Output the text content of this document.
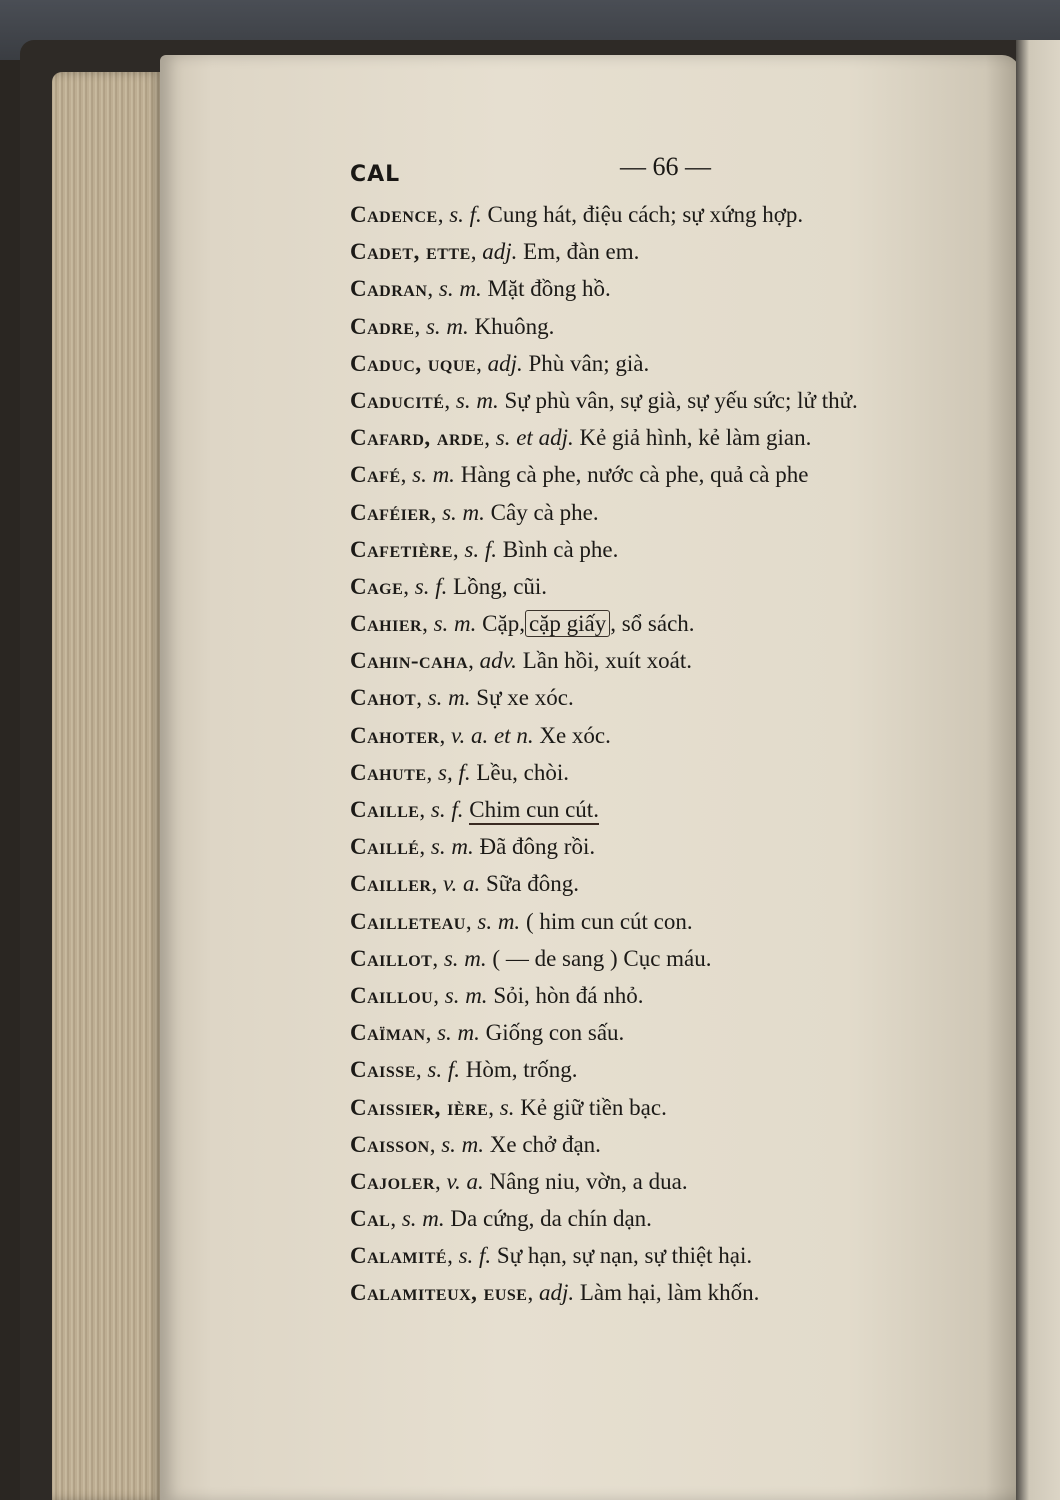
CAL	— 66 —
Cadence, s. f. Cung hát, điệu cách; sự xứng hợp.
Cadet, ette, adj. Em, đàn em.
Cadran, s. m. Mặt đồng hồ.
Cadre, s. m. Khuông.
Caduc, uque, adj. Phù vân; già.
Caducité, s. m. Sự phù vân, sự già, sự yếu sức; lử thử.
Cafard, arde, s. et adj. Kẻ giả hình, kẻ làm gian.
Café, s. m. Hàng cà phe, nước cà phe, quả cà phe
Caféier, s. m. Cây cà phe.
Cafetière, s. f. Bình cà phe.
Cage, s. f. Lồng, cũi.
Cahier, s. m. Cặp, cặp giấy , sổ sách.
Cahin-caha, adv. Lần hồi, xuít xoát.
Cahot, s. m. Sự xe xóc.
Cahoter, v. a. et n. Xe xóc.
Cahute, s, f. Lều, chòi.
Caille, s. f. Chim cun cút.
Caillé, s. m. Đã đông rồi.
Cailler, v. a. Sữa đông.
Cailleteau, s. m. ( him cun cút con.
Caillot, s. m. ( — de sang ) Cục máu.
Caillou, s. m. Sỏi, hòn đá nhỏ.
Caïman, s. m. Giống con sấu.
Caisse, s. f. Hòm, trống.
Caissier, ière, s. Kẻ giữ tiền bạc.
Caisson, s. m. Xe chở đạn.
Cajoler, v. a. Nâng niu, vờn, a dua.
Cal, s. m. Da cứng, da chín dạn.
Calamité, s. f. Sự hạn, sự nạn, sự thiệt hại.
Calamiteux, euse, adj. Làm hại, làm khốn.
